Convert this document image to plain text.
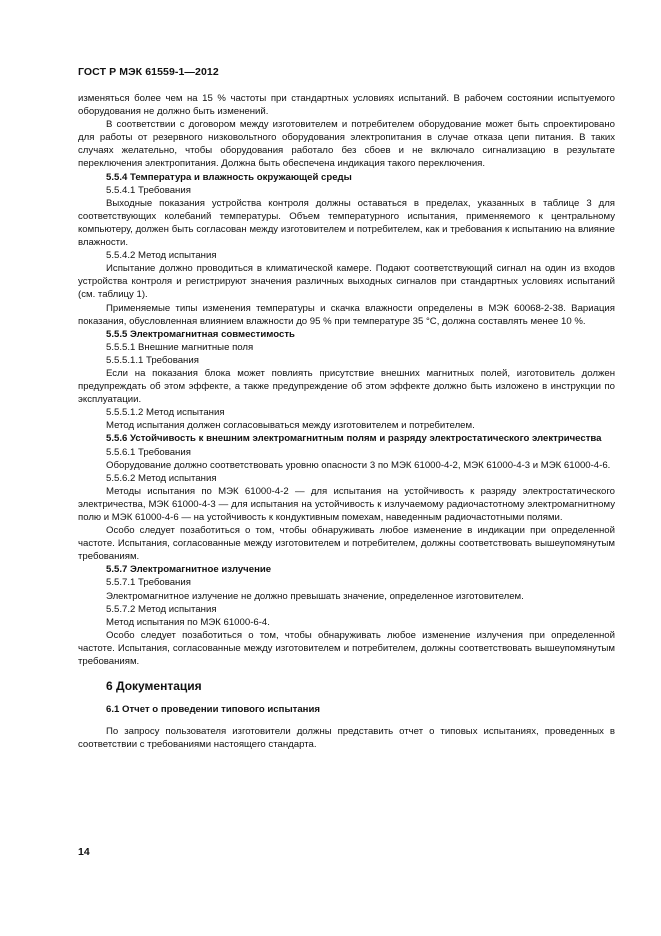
ГОСТ Р МЭК 61559-1—2012

изменяться более чем на 15 % частоты при стандартных условиях испытаний. В рабочем состоянии испытуемого оборудования не должно быть изменений.

В соответствии с договором между изготовителем и потребителем оборудование может быть спроектировано для работы от резервного низковольтного оборудования электропитания в случае отказа цепи питания. В таких случаях желательно, чтобы оборудования работало без сбоев и не включало сигнализацию в результате переключения электропитания. Должна быть обеспечена индикация такого переключения.

5.5.4 Температура и влажность окружающей среды

5.5.4.1 Требования

Выходные показания устройства контроля должны оставаться в пределах, указанных в таблице 3 для соответствующих колебаний температуры. Объем температурного испытания, применяемого к центральному компьютеру, должен быть согласован между изготовителем и потребителем, как и требования к испытанию на влияние влажности.

5.5.4.2 Метод испытания

Испытание должно проводиться в климатической камере. Подают соответствующий сигнал на один из входов устройства контроля и регистрируют значения различных выходных сигналов при стандартных условиях испытаний (см. таблицу 1).

Применяемые типы изменения температуры и скачка влажности определены в МЭК 60068-2-38. Вариация показания, обусловленная влиянием влажности до 95 % при температуре 35 °С, должна составлять менее 10 %.

5.5.5 Электромагнитная совместимость

5.5.5.1 Внешние магнитные поля

5.5.5.1.1 Требования

Если на показания блока может повлиять присутствие внешних магнитных полей, изготовитель должен предупреждать об этом эффекте, а также предупреждение об этом эффекте должно быть изложено в инструкции по эксплуатации.

5.5.5.1.2 Метод испытания

Метод испытания должен согласовываться между изготовителем и потребителем.

5.5.6 Устойчивость к внешним электромагнитным полям и разряду электростатического электричества

5.5.6.1 Требования

Оборудование должно соответствовать уровню опасности 3 по МЭК 61000-4-2, МЭК 61000-4-3 и МЭК 61000-4-6.

5.5.6.2 Метод испытания

Методы испытания по МЭК 61000-4-2 — для испытания на устойчивость к разряду электростатического электричества, МЭК 61000-4-3 — для испытания на устойчивость к излучаемому радиочастотному электромагнитному полю и МЭК 61000-4-6 — на устойчивость к кондуктивным помехам, наведенным радиочастотными полями.

Особо следует позаботиться о том, чтобы обнаруживать любое изменение в индикации при определенной частоте. Испытания, согласованные между изготовителем и потребителем, должны соответствовать вышеупомянутым требованиям.

5.5.7 Электромагнитное излучение

5.5.7.1 Требования

Электромагнитное излучение не должно превышать значение, определенное изготовителем.

5.5.7.2 Метод испытания

Метод испытания по МЭК 61000-6-4.

Особо следует позаботиться о том, чтобы обнаруживать любое изменение излучения при определенной частоте. Испытания, согласованные между изготовителем и потребителем, должны соответствовать вышеупомянутым требованиям.

6 Документация
6.1 Отчет о проведении типового испытания

По запросу пользователя изготовители должны представить отчет о типовых испытаниях, проведенных в соответствии с требованиями настоящего стандарта.

14
